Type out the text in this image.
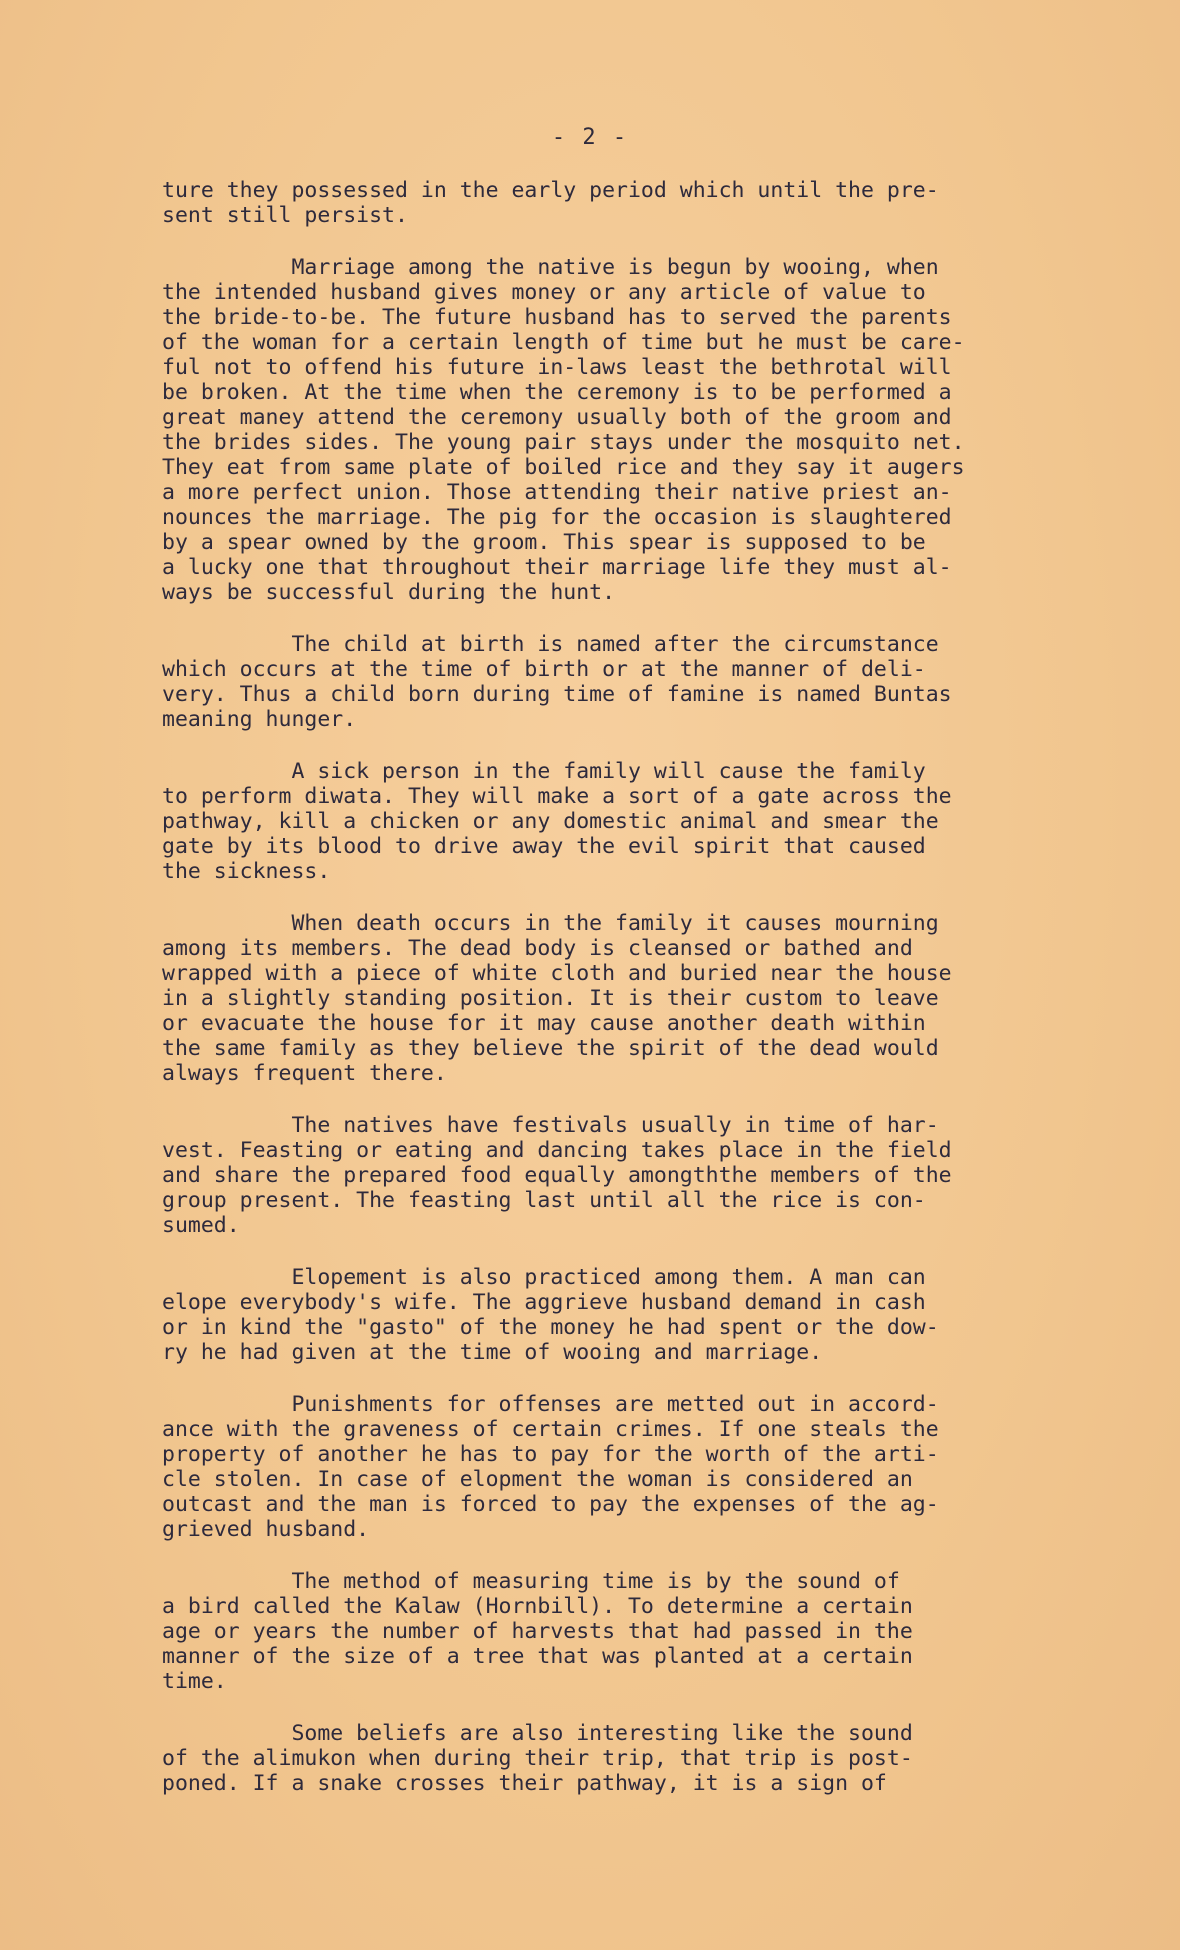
- 2 -
ture they possessed in the early period which until the pre-
sent still persist.
Marriage among the native is begun by wooing, when
the intended husband gives money or any article of value to
the bride-to-be. The future husband has to served the parents
of the woman for a certain length of time but he must be care-
ful not to offend his future in-laws least the bethrotal will
be broken. At the time when the ceremony is to be performed a
great maney attend the ceremony usually both of the groom and
the brides sides. The young pair stays under the mosquito net.
They eat from same plate of boiled rice and they say it augers
a more perfect union. Those attending their native priest an-
nounces the marriage. The pig for the occasion is slaughtered
by a spear owned by the groom. This spear is supposed to be
a lucky one that throughout their marriage life they must al-
ways be successful during the hunt.
The child at birth is named after the circumstance
which occurs at the time of birth or at the manner of deli-
very. Thus a child born during time of famine is named Buntas
meaning hunger.
A sick person in the family will cause the family
to perform diwata. They will make a sort of a gate across the
pathway, kill a chicken or any domestic animal and smear the
gate by its blood to drive away the evil spirit that caused
the sickness.
When death occurs in the family it causes mourning
among its members. The dead body is cleansed or bathed and
wrapped with a piece of white cloth and buried near the house
in a slightly standing position. It is their custom to leave
or evacuate the house for it may cause another death within
the same family as they believe the spirit of the dead would
always frequent there.
The natives have festivals usually in time of har-
vest. Feasting or eating and dancing takes place in the field
and share the prepared food equally amongththe members of the
group present. The feasting last until all the rice is con-
sumed.
Elopement is also practiced among them. A man can
elope everybody's wife. The aggrieve husband demand in cash
or in kind the "gasto" of the money he had spent or the dow-
ry he had given at the time of wooing and marriage.
Punishments for offenses are metted out in accord-
ance with the graveness of certain crimes. If one steals the
property of another he has to pay for the worth of the arti-
cle stolen. In case of elopment the woman is considered an
outcast and the man is forced to pay the expenses of the ag-
grieved husband.
The method of measuring time is by the sound of
a bird called the Kalaw (Hornbill). To determine a certain
age or years the number of harvests that had passed in the
manner of the size of a tree that was planted at a certain
time.
Some beliefs are also interesting like the sound
of the alimukon when during their trip, that trip is post-
poned. If a snake crosses their pathway, it is a sign of
